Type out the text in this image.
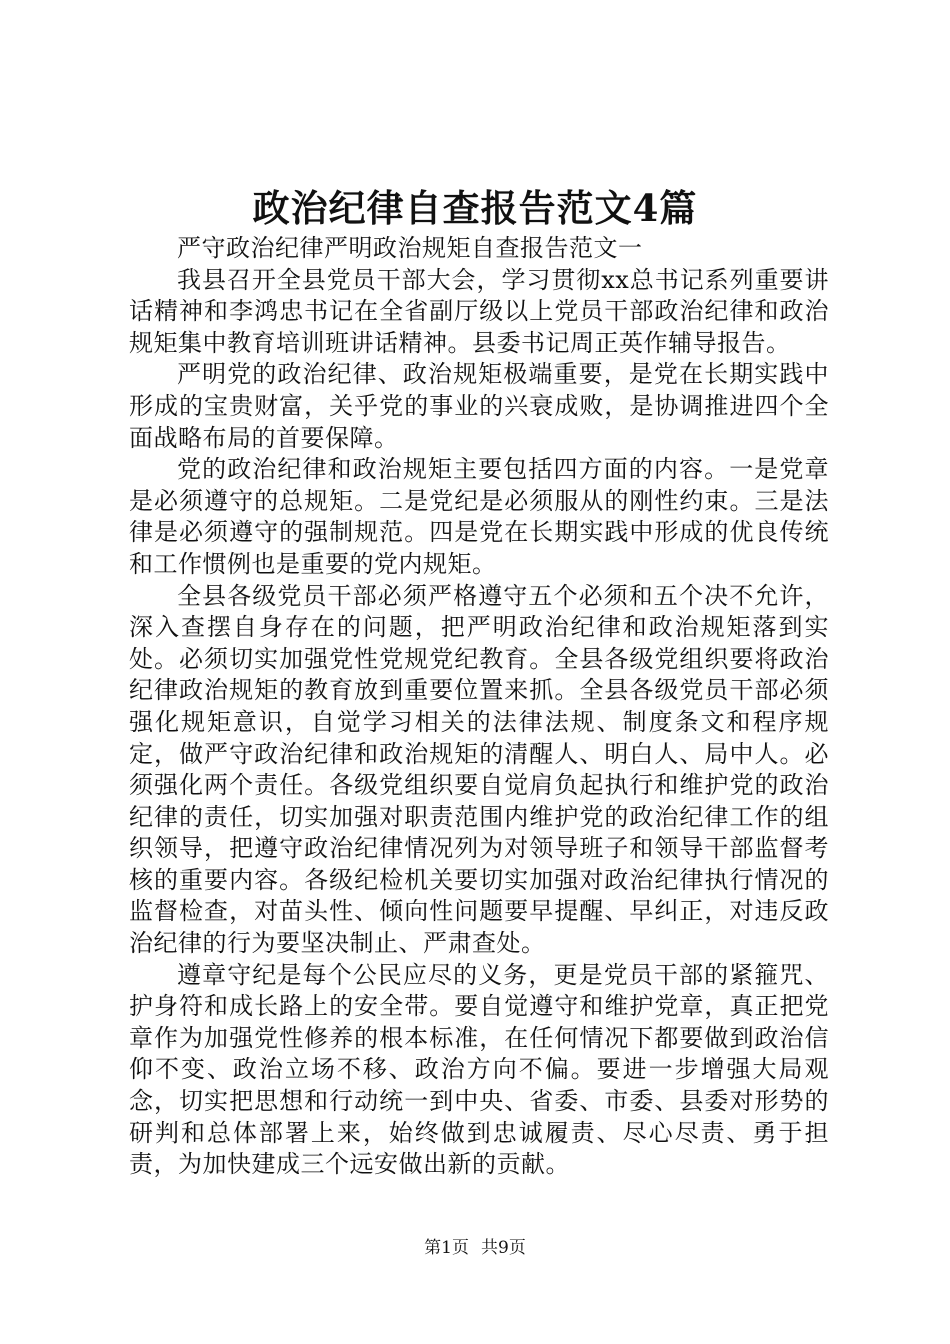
政治纪律自查报告范文4篇

严守政治纪律严明政治规矩自查报告范文一

我县召开全县党员干部大会，学习贯彻xx总书记系列重要讲话精神和李鸿忠书记在全省副厅级以上党员干部政治纪律和政治规矩集中教育培训班讲话精神。县委书记周正英作辅导报告。

严明党的政治纪律、政治规矩极端重要，是党在长期实践中形成的宝贵财富，关乎党的事业的兴衰成败，是协调推进四个全面战略布局的首要保障。

党的政治纪律和政治规矩主要包括四方面的内容。一是党章是必须遵守的总规矩。二是党纪是必须服从的刚性约束。三是法律是必须遵守的强制规范。四是党在长期实践中形成的优良传统和工作惯例也是重要的党内规矩。

全县各级党员干部必须严格遵守五个必须和五个决不允许，深入查摆自身存在的问题，把严明政治纪律和政治规矩落到实处。必须切实加强党性党规党纪教育。全县各级党组织要将政治纪律政治规矩的教育放到重要位置来抓。全县各级党员干部必须强化规矩意识，自觉学习相关的法律法规、制度条文和程序规定，做严守政治纪律和政治规矩的清醒人、明白人、局中人。必须强化两个责任。各级党组织要自觉肩负起执行和维护党的政治纪律的责任，切实加强对职责范围内维护党的政治纪律工作的组织领导，把遵守政治纪律情况列为对领导班子和领导干部监督考核的重要内容。各级纪检机关要切实加强对政治纪律执行情况的监督检查，对苗头性、倾向性问题要早提醒、早纠正，对违反政治纪律的行为要坚决制止、严肃查处。

遵章守纪是每个公民应尽的义务，更是党员干部的紧箍咒、护身符和成长路上的安全带。要自觉遵守和维护党章，真正把党章作为加强党性修养的根本标准，在任何情况下都要做到政治信仰不变、政治立场不移、政治方向不偏。要进一步增强大局观念，切实把思想和行动统一到中央、省委、市委、县委对形势的研判和总体部署上来，始终做到忠诚履责、尽心尽责、勇于担责，为加快建成三个远安做出新的贡献。

第1页 共9页
